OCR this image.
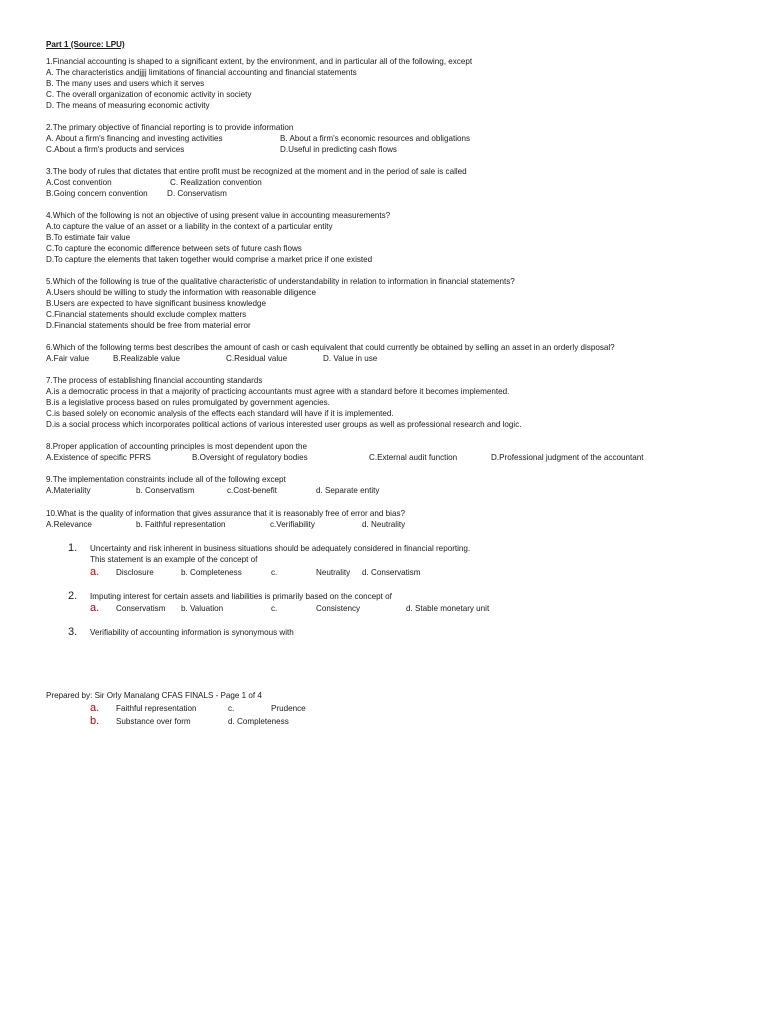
Part 1 (Source: LPU)
1.Financial accounting is shaped to a significant extent, by the environment, and in particular all of the following, except
A. The characteristics andjjjj limitations of financial accounting and financial statements
B. The many uses and users which it serves
C. The overall organization of economic activity in society
D. The means of measuring economic activity
2.The primary objective of financial reporting is to provide information
A. About a firm's financing and investing activities	B. About a firm's economic resources and obligations
C.About a firm's products and services	D.Useful in predicting cash flows
3.The body of rules that dictates that entire profit must be recognized at the moment and in the period of sale is called
A.Cost convention	C. Realization convention
B.Going concern convention D. Conservatism
4.Which of the following is not an objective of using present value in accounting measurements?
A.to capture the value of an asset or a liability in the context of a particular entity
B.To estimate fair value
C.To capture the economic difference between sets of future cash flows
D.To capture the elements that taken together would comprise a market price if one existed
5.Which of the following is true of the qualitative characteristic of understandability in relation to information in financial statements?
A.Users should be willing to study the information with reasonable diligence
B.Users are expected to have significant business knowledge
C.Financial statements should exclude complex matters
D.Financial statements should be free from material error
6.Which of the following terms best describes the amount of cash or cash equivalent that could currently be obtained by selling an asset in an orderly disposal?
A.Fair value	B.Realizable value	C.Residual value	D. Value in use
7.The process of establishing financial accounting standards
A.is a democratic process in that a majority of practicing accountants must agree with a standard before it becomes implemented.
B.is a legislative process based on rules promulgated by government agencies.
C.is based solely on economic analysis of the effects each standard will have if it is implemented.
D.is a social process which incorporates political actions of various interested user groups as well as professional research and logic.
8.Proper application of accounting principles is most dependent upon the
A.Existence of specific PFRS	B.Oversight of regulatory bodies	C.External audit function	D.Professional judgment of the accountant
9.The implementation constraints include all of the following except
A.Materiality	b. Conservatism	c.Cost-benefit	d. Separate entity
10.What is the quality of information that gives assurance that it is reasonably free of error and bias?
A.Relevance	b. Faithful representation	c.Verifiability	d. Neutrality
1. Uncertainty and risk inherent in business situations should be adequately considered in financial reporting.
This statement is an example of the concept of
a. Disclosure	b. Completeness	c.	Neutrality d. Conservatism
2. Imputing interest for certain assets and liabilities is primarily based on the concept of
a. Conservatism b. Valuation	c.	Consistency	d. Stable monetary unit
3. Verifiability of accounting information is synonymous with
Prepared by: Sir Orly Manalang CFAS FINALS - Page 1 of 4
a. Faithful representation	c.	Prudence
b. Substance over form	d. Completeness
